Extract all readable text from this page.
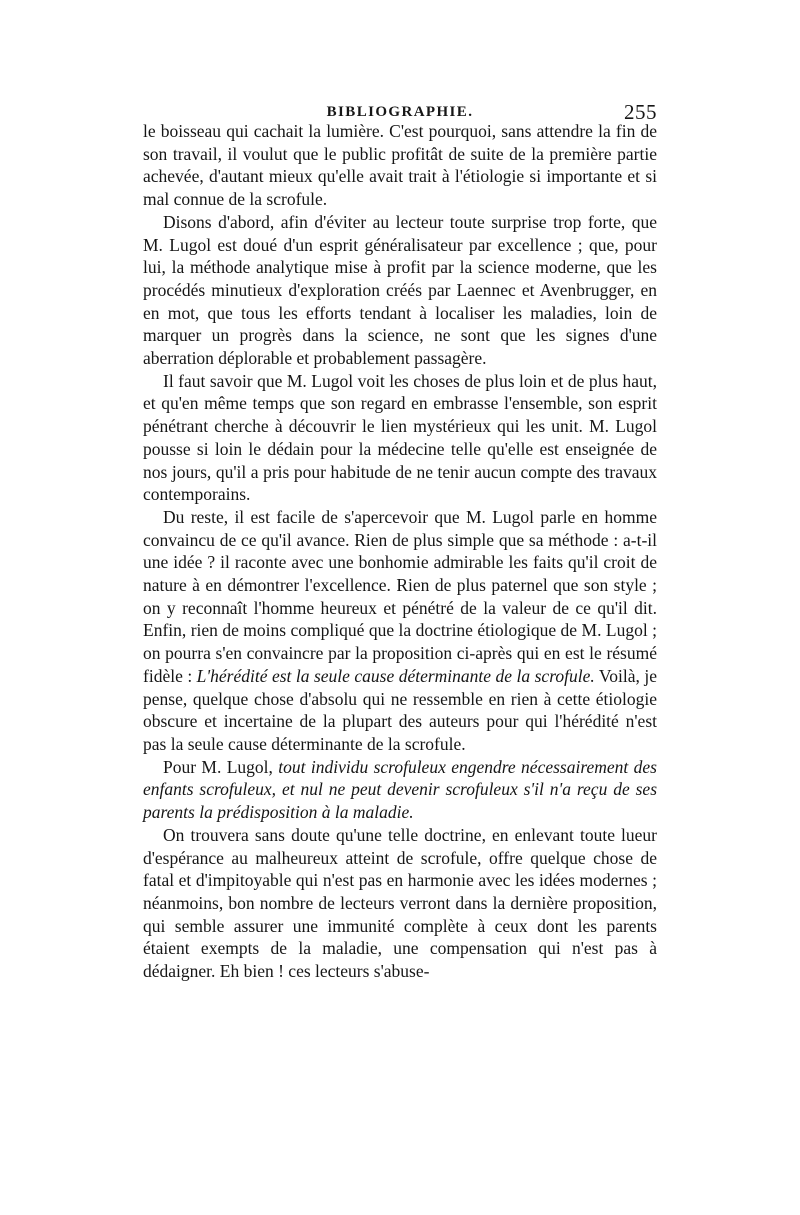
BIBLIOGRAPHIE.	255

le boisseau qui cachait la lumière. C'est pourquoi, sans attendre la fin de son travail, il voulut que le public profitât de suite de la première partie achevée, d'autant mieux qu'elle avait trait à l'étiologie si importante et si mal connue de la scrofule.

Disons d'abord, afin d'éviter au lecteur toute surprise trop forte, que M. Lugol est doué d'un esprit généralisateur par excellence ; que, pour lui, la méthode analytique mise à profit par la science moderne, que les procédés minutieux d'exploration créés par Laennec et Avenbrugger, en en mot, que tous les efforts tendant à localiser les maladies, loin de marquer un progrès dans la science, ne sont que les signes d'une aberration déplorable et probablement passagère.

Il faut savoir que M. Lugol voit les choses de plus loin et de plus haut, et qu'en même temps que son regard en embrasse l'ensemble, son esprit pénétrant cherche à découvrir le lien mystérieux qui les unit. M. Lugol pousse si loin le dédain pour la médecine telle qu'elle est enseignée de nos jours, qu'il a pris pour habitude de ne tenir aucun compte des travaux contemporains.

Du reste, il est facile de s'apercevoir que M. Lugol parle en homme convaincu de ce qu'il avance. Rien de plus simple que sa méthode : a-t-il une idée ? il raconte avec une bonhomie admirable les faits qu'il croit de nature à en démontrer l'excellence. Rien de plus paternel que son style ; on y reconnaît l'homme heureux et pénétré de la valeur de ce qu'il dit. Enfin, rien de moins compliqué que la doctrine étiologique de M. Lugol ; on pourra s'en convaincre par la proposition ci-après qui en est le résumé fidèle : L'hérédité est la seule cause déterminante de la scrofule. Voilà, je pense, quelque chose d'absolu qui ne ressemble en rien à cette étiologie obscure et incertaine de la plupart des auteurs pour qui l'hérédité n'est pas la seule cause déterminante de la scrofule.

Pour M. Lugol, tout individu scrofuleux engendre nécessairement des enfants scrofuleux, et nul ne peut devenir scrofuleux s'il n'a reçu de ses parents la prédisposition à la maladie.

On trouvera sans doute qu'une telle doctrine, en enlevant toute lueur d'espérance au malheureux atteint de scrofule, offre quelque chose de fatal et d'impitoyable qui n'est pas en harmonie avec les idées modernes ; néanmoins, bon nombre de lecteurs verront dans la dernière proposition, qui semble assurer une immunité complète à ceux dont les parents étaient exempts de la maladie, une compensation qui n'est pas à dédaigner. Eh bien ! ces lecteurs s'abuse-
